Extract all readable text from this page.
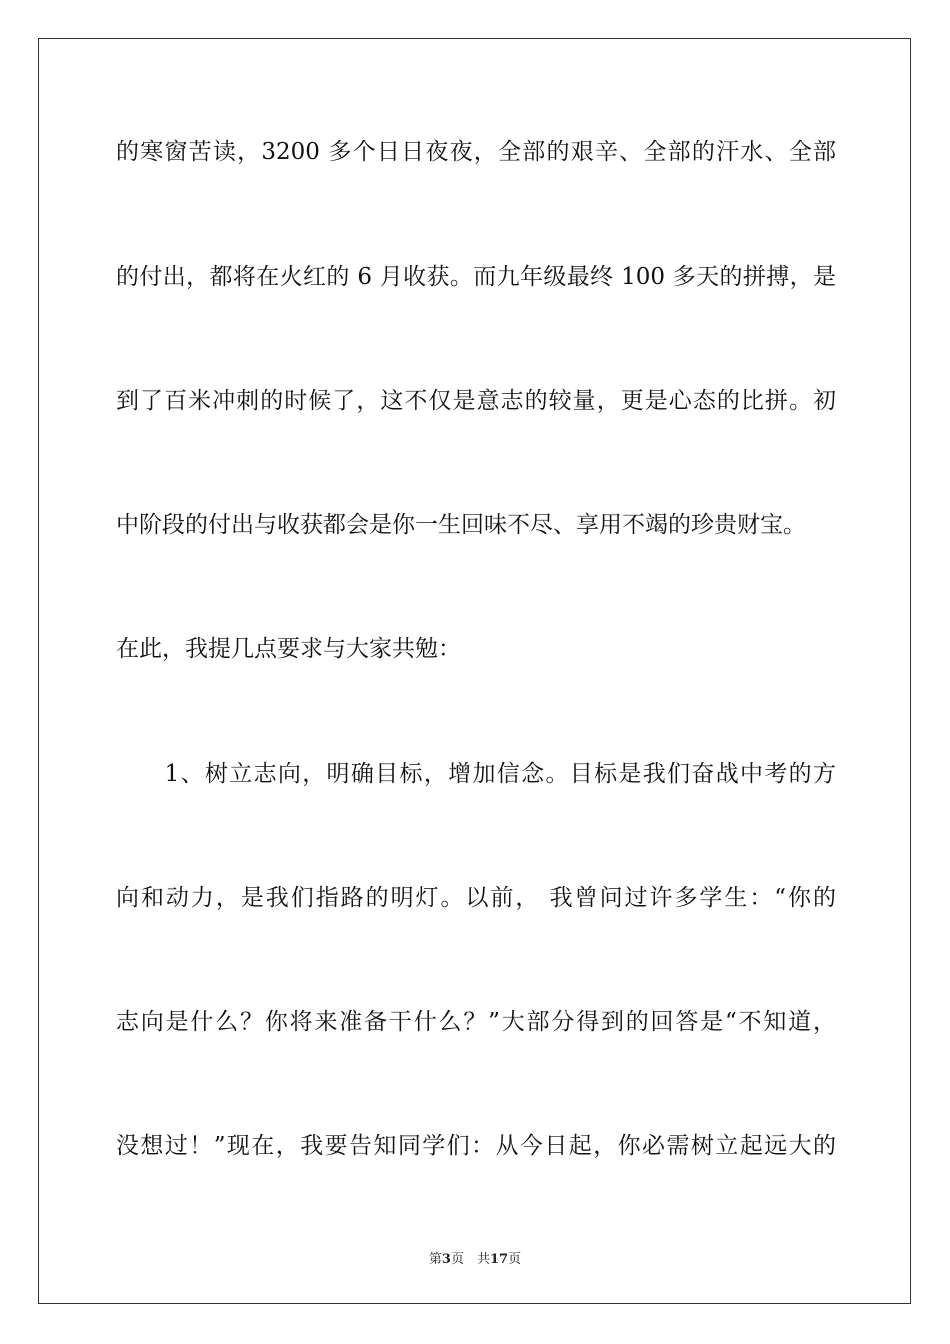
的寒窗苦读，3200 多个日日夜夜，全部的艰辛、全部的汗水、全部
的付出，都将在火红的 6 月收获。而九年级最终 100 多天的拼搏，是
到了百米冲刺的时候了，这不仅是意志的较量，更是心态的比拼。初
中阶段的付出与收获都会是你一生回味不尽、享用不竭的珍贵财宝。
在此，我提几点要求与大家共勉：
　　1、树立志向，明确目标，增加信念。目标是我们奋战中考的方
向和动力，是我们指路的明灯。以前， 我曾问过许多学生：“你的
志向是什么？你将来准备干什么？”大部分得到的回答是“不知道，
没想过！”现在，我要告知同学们：从今日起，你必需树立起远大的
第3页　共17页
